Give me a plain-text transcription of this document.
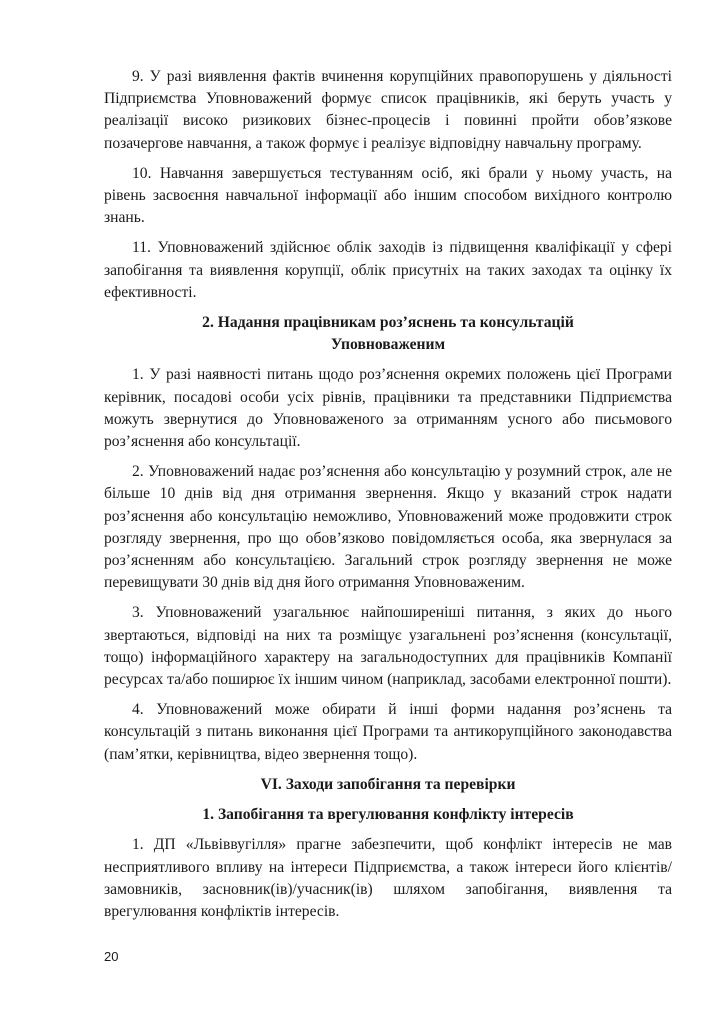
9. У разі виявлення фактів вчинення корупційних правопорушень у діяльності Підприємства Уповноважений формує список працівників, які беруть участь у реалізації високо ризикових бізнес-процесів і повинні пройти обов’язкове позачергове навчання, а також формує і реалізує відповідну навчальну програму.

10. Навчання завершується тестуванням осіб, які брали у ньому участь, на рівень засвоєння навчальної інформації або іншим способом вихідного контролю знань.

11. Уповноважений здійснює облік заходів із підвищення кваліфікації у сфері запобігання та виявлення корупції, облік присутніх на таких заходах та оцінку їх ефективності.

2. Надання працівникам роз’яснень та консультацій
Уповноваженим

1. У разі наявності питань щодо роз’яснення окремих положень цієї Програми керівник, посадові особи усіх рівнів, працівники та представники Підприємства можуть звернутися до Уповноваженого за отриманням усного або письмового роз’яснення або консультації.

2. Уповноважений надає роз’яснення або консультацію у розумний строк, але не більше 10 днів від дня отримання звернення. Якщо у вказаний строк надати роз’яснення або консультацію неможливо, Уповноважений може продовжити строк розгляду звернення, про що обов’язково повідомляється особа, яка звернулася за роз’ясненням або консультацією. Загальний строк розгляду звернення не може перевищувати 30 днів від дня його отримання Уповноваженим.

3. Уповноважений узагальнює найпоширеніші питання, з яких до нього звертаються, відповіді на них та розміщує узагальнені роз’яснення (консультації, тощо) інформаційного характеру на загальнодоступних для працівників Компанії ресурсах та/або поширює їх іншим чином (наприклад, засобами електронної пошти).

4. Уповноважений може обирати й інші форми надання роз’яснень та консультацій з питань виконання цієї Програми та антикорупційного законодавства (пам’ятки, керівництва, відео звернення тощо).

VI. Заходи запобігання та перевірки
1. Запобігання та врегулювання конфлікту інтересів

1. ДП «Львіввугілля» прагне забезпечити, щоб конфлікт інтересів не мав несприятливого впливу на інтереси Підприємства, а також інтереси його клієнтів/замовників, засновник(ів)/учасник(ів) шляхом запобігання, виявлення та врегулювання конфліктів інтересів.

20
